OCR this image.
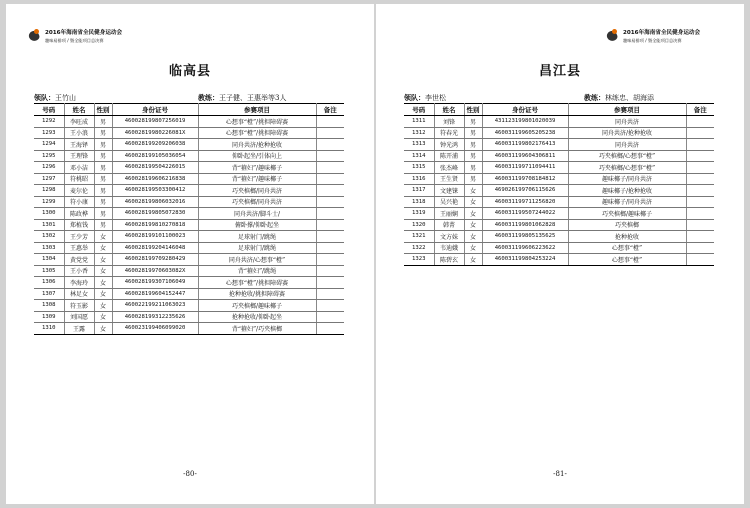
2016年海南省全民健身运动会
趣味易排项 / 暨全能项目总决赛
临高县
领队：王竹山	教练：王子健、王惠举等3人
号码	姓名	性别	身份证号	参赛项目	备注
1292	李旺成	男	460028199807256019	心想事“橙”/挑担障碍赛	
1293	王小浪	男	46002819980226081X	心想事“橙”/挑担障碍赛	
1294	王海铎	男	460028199209206038	同舟共济/抢种抢收	
1295	王理锋	男	460028199105036054	仰卧起坐/引体向上	
1296	邓小洁	男	460028199504226015	背“箍妇”/趣味椰子	
1297	符桃昭	男	460028199606216838	背“箍妇”/趣味椰子	
1298	麦尔伦	男	460028199503300412	巧夹槟榔/同舟共济	
1299	符小康	男	460028199806032016	巧夹槟榔/同舟共济	
1300	陈政桦	男	460028199805072830	同舟共济/脚斗士/	
1301	郑植钱	男	460028199810270818	俯卧撑/仰卧起坐	
1302	王少芳	女	460028199101100023	足球射门/跳绳	
1303	王惠举	女	460028199204146048	足球射门/跳绳	
1304	黄党党	女	460028199709280429	同舟共济/心想事“橙”	
1305	王小香	女	46002819970603082X	背“箍妇”/跳绳	
1306	李海玲	女	460028199307106049	心想事“橙”/挑担障碍赛	
1307	林足女	女	460028199604152447	抢种抢收/挑担障碍赛	
1308	符玉影	女	460022199211063023	巧夹槟榔/趣味椰子	
1309	刘国愿	女	460028199312235626	抢种抢收/仰卧起坐	
1310	王露	女	460023199406099020	背“箍妇”/巧夹槟榔	
-80-
2016年海南省全民健身运动会
趣味易排项 / 暨全能项目总决赛
昌江县
领队：李世松	教练：林练忠、胡海添
号码	姓名	性别	身份证号	参赛项目	备注
1311	刘锋	男	431123199801020039	同舟共济	
1312	符春光	男	460031199605205238	同舟共济/抢种抢收	
1313	钟光鸿	男	460031199802176413	同舟共济	
1314	陈开浦	男	460031199604306811	巧夹槟榔/心想事“橙”	
1315	张杰峰	男	460031199711094411	巧夹槟榔/心想事“橙”	
1316	王生贤	男	460031199708184812	趣味椰子/同舟共济	
1317	文建铼	女	469026199706115626	趣味椰子/抢种抢收	
1318	吴兴艳	女	460031199711256820	趣味椰子/同舟共济	
1319	王丽娴	女	460031199507244022	巧夹槟榔/趣味椰子	
1320	韩菁	女	460031199801062828	巧夹槟榔	
1321	文方妹	女	460031199805135625	抢种抢收	
1322	韦迪娥	女	460031199606223622	心想事“橙”	
1323	陈碧玄	女	460031199804253224	心想事“橙”	
-81-
